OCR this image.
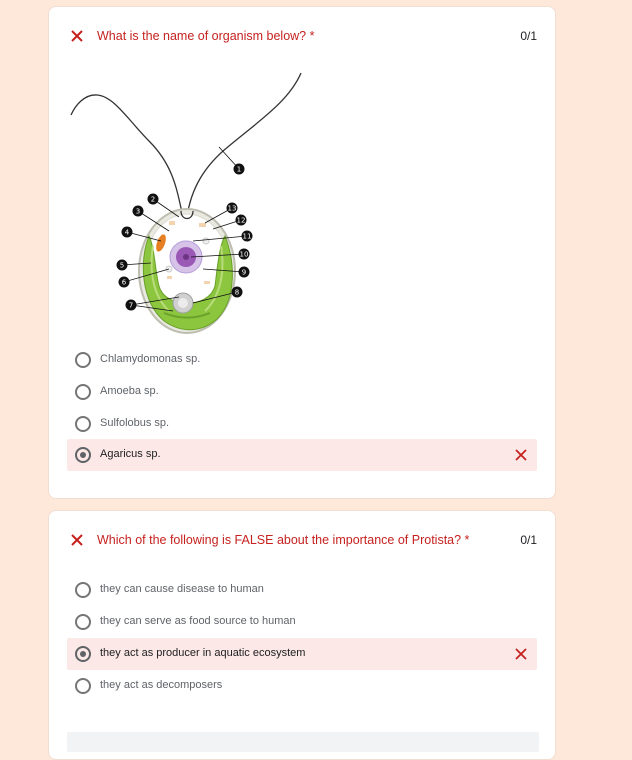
What is the name of organism below? *	0/1
1
2
3
4
5
6
7
8
9
10
11
12
13
Chlamydomonas sp.
Amoeba sp.
Sulfolobus sp.
Agaricus sp.
Which of the following is FALSE about the importance of Protista? *	0/1
they can cause disease to human
they can serve as food source to human
they act as producer in aquatic ecosystem
they act as decomposers
